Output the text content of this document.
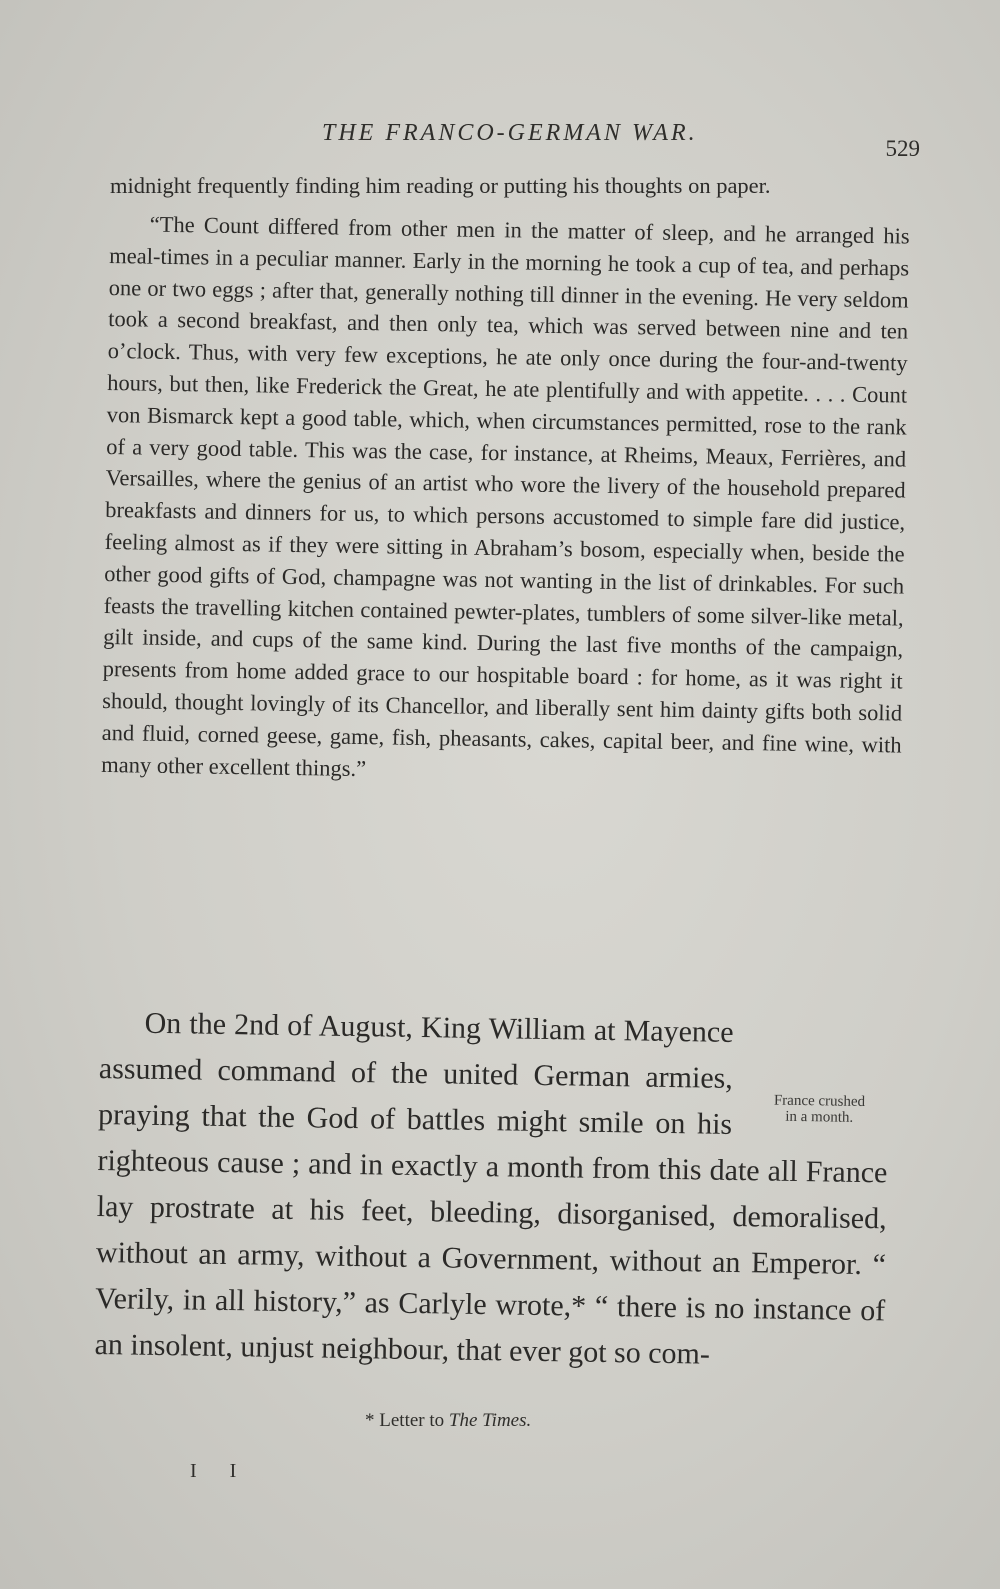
THE FRANCO-GERMAN WAR.
529

midnight frequently finding him reading or putting his thoughts on paper.

“The Count differed from other men in the matter of sleep, and he arranged his meal-times in a peculiar manner. Early in the morning he took a cup of tea, and perhaps one or two eggs ; after that, generally nothing till dinner in the evening. He very seldom took a second breakfast, and then only tea, which was served between nine and ten o’clock. Thus, with very few exceptions, he ate only once during the four-and-twenty hours, but then, like Frederick the Great, he ate plentifully and with appetite. . . . Count von Bismarck kept a good table, which, when circumstances permitted, rose to the rank of a very good table. This was the case, for instance, at Rheims, Meaux, Ferrières, and Versailles, where the genius of an artist who wore the livery of the household prepared breakfasts and dinners for us, to which persons accustomed to simple fare did justice, feeling almost as if they were sitting in Abraham’s bosom, especially when, beside the other good gifts of God, champagne was not wanting in the list of drinkables. For such feasts the travelling kitchen contained pewter-plates, tumblers of some silver-like metal, gilt inside, and cups of the same kind. During the last five months of the campaign, presents from home added grace to our hospitable board : for home, as it was right it should, thought lovingly of its Chancellor, and liberally sent him dainty gifts both solid and fluid, corned geese, game, fish, pheasants, cakes, capital beer, and fine wine, with many other excellent things.”

France crushed
in a month.
On the 2nd of August, King William at Mayence assumed command of the united German armies, praying that the God of battles might smile on his righteous cause ; and in exactly a month from this date all France lay prostrate at his feet, bleeding, disorganised, demoralised, without an army, without a Government, without an Emperor. “ Verily, in all history,” as Carlyle wrote,* “ there is no instance of an insolent, unjust neighbour, that ever got so com-
* Letter to The Times.
I I
